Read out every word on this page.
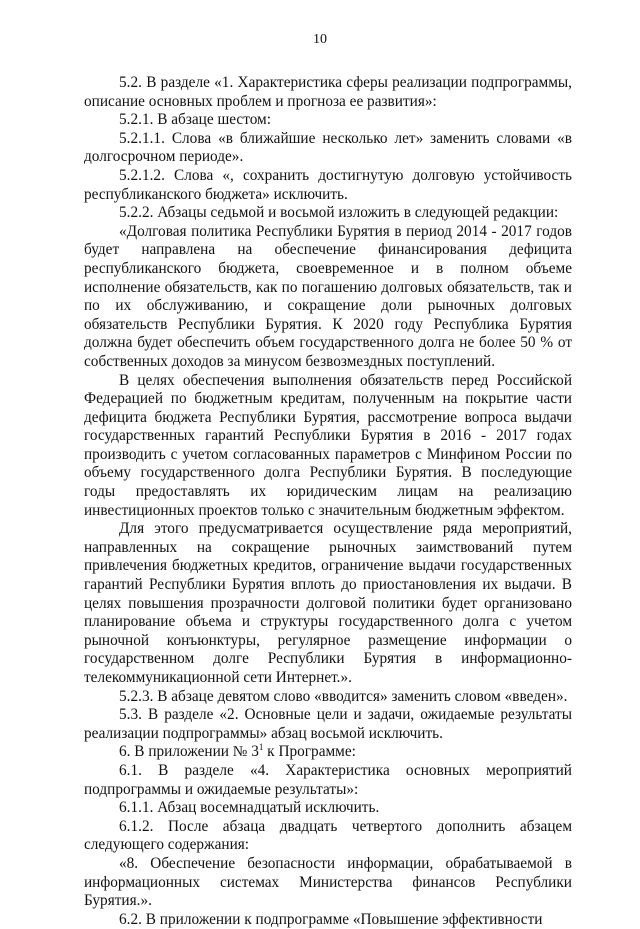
10

5.2. В разделе «1. Характеристика сферы реализации подпрограммы, описание основных проблем и прогноза ее развития»:

5.2.1. В абзаце шестом:

5.2.1.1. Слова «в ближайшие несколько лет» заменить словами «в долгосрочном периоде».

5.2.1.2. Слова «, сохранить достигнутую долговую устойчивость республиканского бюджета» исключить.

5.2.2. Абзацы седьмой и восьмой изложить в следующей редакции:

«Долговая политика Республики Бурятия в период 2014 - 2017 годов будет направлена на обеспечение финансирования дефицита республиканского бюджета, своевременное и в полном объеме исполнение обязательств, как по погашению долговых обязательств, так и по их обслуживанию, и сокращение доли рыночных долговых обязательств Республики Бурятия. К 2020 году Республика Бурятия должна будет обеспечить объем государственного долга не более 50 % от собственных доходов за минусом безвозмездных поступлений.

В целях обеспечения выполнения обязательств перед Российской Федерацией по бюджетным кредитам, полученным на покрытие части дефицита бюджета Республики Бурятия, рассмотрение вопроса выдачи государственных гарантий Республики Бурятия в 2016 - 2017 годах производить с учетом согласованных параметров с Минфином России по объему государственного долга Республики Бурятия. В последующие годы предоставлять их юридическим лицам на реализацию инвестиционных проектов только с значительным бюджетным эффектом.

Для этого предусматривается осуществление ряда мероприятий, направленных на сокращение рыночных заимствований путем привлечения бюджетных кредитов, ограничение выдачи государственных гарантий Республики Бурятия вплоть до приостановления их выдачи. В целях повышения прозрачности долговой политики будет организовано планирование объема и структуры государственного долга с учетом рыночной конъюнктуры, регулярное размещение информации о государственном долге Республики Бурятия в информационно-телекоммуникационной сети Интернет.».

5.2.3. В абзаце девятом слово «вводится» заменить словом «введен».

5.3. В разделе «2. Основные цели и задачи, ожидаемые результаты реализации подпрограммы» абзац восьмой исключить.

6. В приложении № $3^1$ к Программе:

6.1. В разделе «4. Характеристика основных мероприятий подпрограммы и ожидаемые результаты»:

6.1.1. Абзац восемнадцатый исключить.

6.1.2. После абзаца двадцать четвертого дополнить абзацем следующего содержания:

«8. Обеспечение безопасности информации, обрабатываемой в информационных системах Министерства финансов Республики Бурятия.».

6.2. В приложении к подпрограмме «Повышение эффективности
